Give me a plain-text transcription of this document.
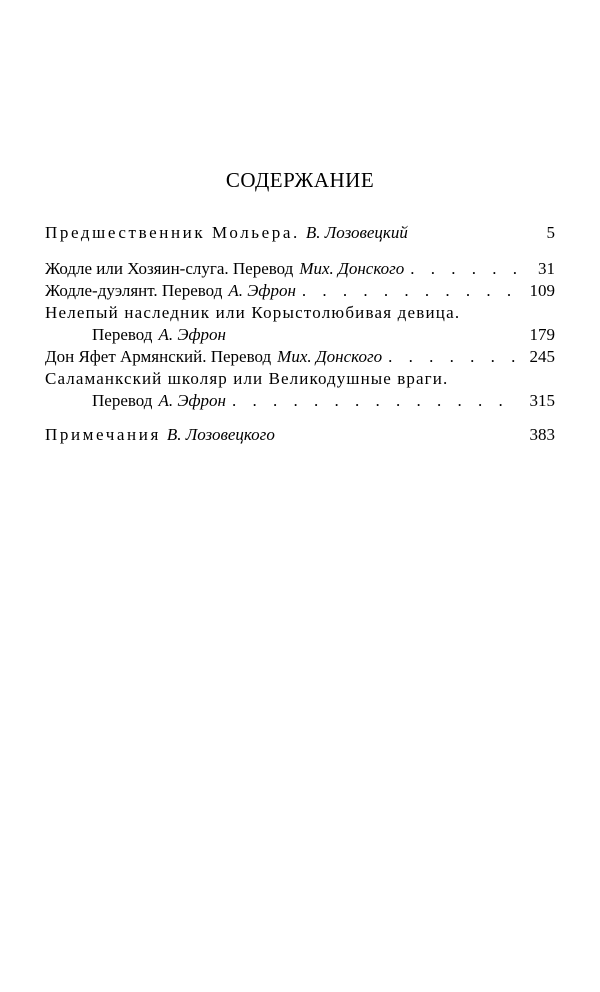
СОДЕРЖАНИЕ
Предшественник Мольера. В. Лозовецкий	5
Жодле или Хозяин-слуга. Перевод Мих. Донского . . .	31
Жодле-дуэлянт. Перевод А. Эфрон . . .	109
Нелепый наследник или Корыстолюбивая девица.
Перевод А. Эфрон	179
Дон Яфет Армянский. Перевод Мих. Донского . . .	245
Саламанкский школяр или Великодушные враги.
Перевод А. Эфрон . . .	315
Примечания В. Лозовецкого	383
